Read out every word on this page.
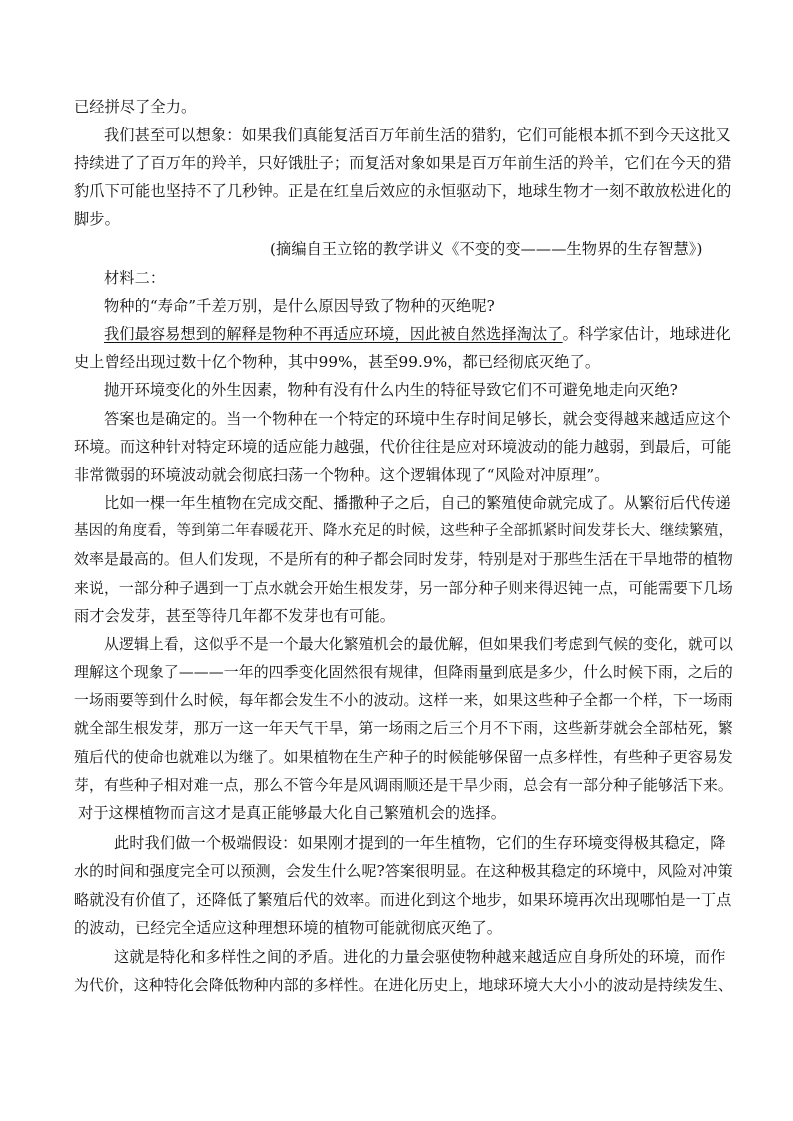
已经拼尽了全力。
我们甚至可以想象：如果我们真能复活百万年前生活的猎豹，它们可能根本抓不到今天这批又
持续进了了百万年的羚羊，只好饿肚子；而复活对象如果是百万年前生活的羚羊，它们在今天的猎
豹爪下可能也坚持不了几秒钟。正是在红皇后效应的永恒驱动下，地球生物才一刻不敢放松进化的
脚步。
(摘编自王立铭的教学讲义《不变的变———生物界的生存智慧》)
材料二：
物种的“寿命”千差万别，是什么原因导致了物种的灭绝呢?
我们最容易想到的解释是物种不再适应环境，因此被自然选择淘汰了。科学家估计，地球进化
史上曾经出现过数十亿个物种，其中99%，甚至99.9%，都已经彻底灭绝了。
抛开环境变化的外生因素，物种有没有什么内生的特征导致它们不可避免地走向灭绝?
答案也是确定的。当一个物种在一个特定的环境中生存时间足够长，就会变得越来越适应这个
环境。而这种针对特定环境的适应能力越强，代价往往是应对环境波动的能力越弱，到最后，可能
非常微弱的环境波动就会彻底扫荡一个物种。这个逻辑体现了“风险对冲原理”。
比如一棵一年生植物在完成交配、播撒种子之后，自己的繁殖使命就完成了。从繁衍后代传递
基因的角度看，等到第二年春暖花开、降水充足的时候，这些种子全部抓紧时间发芽长大、继续繁殖，
效率是最高的。但人们发现，不是所有的种子都会同时发芽，特别是对于那些生活在干旱地带的植物
来说，一部分种子遇到一丁点水就会开始生根发芽，另一部分种子则来得迟钝一点，可能需要下几场
雨才会发芽，甚至等待几年都不发芽也有可能。
从逻辑上看，这似乎不是一个最大化繁殖机会的最优解，但如果我们考虑到气候的变化，就可以
理解这个现象了———一年的四季变化固然很有规律，但降雨量到底是多少，什么时候下雨，之后的
一场雨要等到什么时候，每年都会发生不小的波动。这样一来，如果这些种子全都一个样，下一场雨
就全部生根发芽，那万一这一年天气干旱，第一场雨之后三个月不下雨，这些新芽就会全部枯死，繁
殖后代的使命也就难以为继了。如果植物在生产种子的时候能够保留一点多样性，有些种子更容易发
芽，有些种子相对难一点，那么不管今年是风调雨顺还是干旱少雨，总会有一部分种子能够活下来。
对于这棵植物而言这才是真正能够最大化自己繁殖机会的选择。
此时我们做一个极端假设：如果刚才提到的一年生植物，它们的生存环境变得极其稳定，降
水的时间和强度完全可以预测，会发生什么呢?答案很明显。在这种极其稳定的环境中，风险对冲策
略就没有价值了，还降低了繁殖后代的效率。而进化到这个地步，如果环境再次出现哪怕是一丁点
的波动，已经完全适应这种理想环境的植物可能就彻底灭绝了。
这就是特化和多样性之间的矛盾。进化的力量会驱使物种越来越适应自身所处的环境，而作
为代价，这种特化会降低物种内部的多样性。在进化历史上，地球环境大大小小的波动是持续发生、
